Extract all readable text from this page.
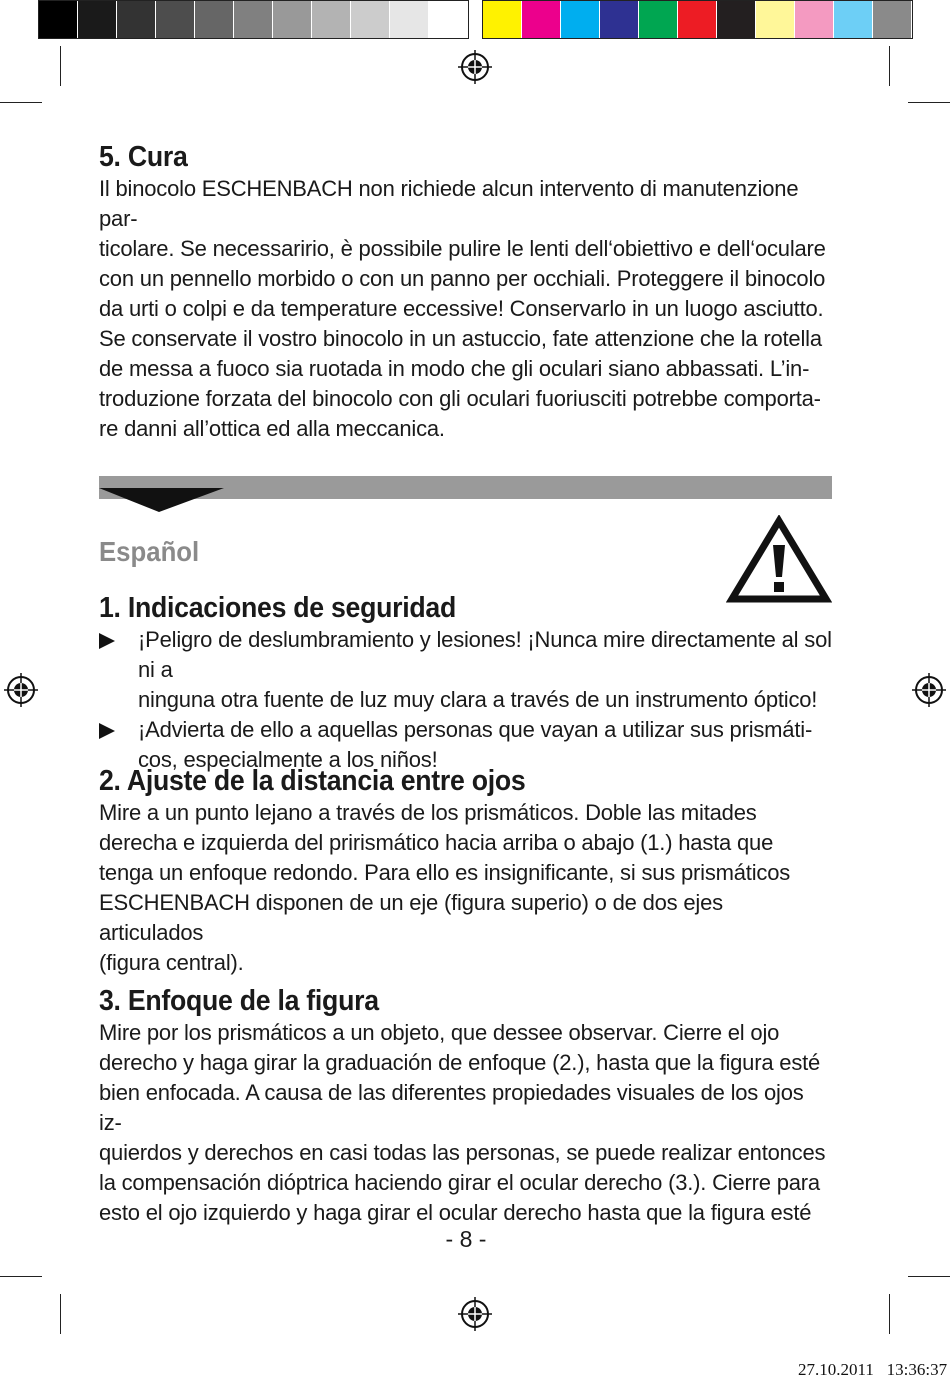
5. Cura

Il binocolo ESCHENBACH non richiede alcun intervento di manutenzione par-
ticolare. Se necessaririo, è possibile pulire le lenti dell‘obiettivo e dell‘oculare
con un pennello morbido o con un panno per occhiali. Proteggere il binocolo
da urti o colpi e da temperature eccessive! Conservarlo in un luogo asciutto.
Se conservate il vostro binocolo in un astuccio, fate attenzione che la rotella
de messa a fuoco sia ruotada in modo che gli oculari siano abbassati. L’in-
troduzione forzata del binocolo con gli oculari fuoriusciti potrebbe comporta-
re danni all’ottica ed alla meccanica.

Español
1. Indicaciones de seguridad
¡Peligro de deslumbramiento y lesiones! ¡Nunca mire directamente al sol ni a
ninguna otra fuente de luz muy clara a través de un instrumento óptico!
¡Advierta de ello a aquellas personas que vayan a utilizar sus prismáti-
cos, especialmente a los niños!
2. Ajuste de la distancia entre ojos

Mire a un punto lejano a través de los prismáticos. Doble las mitades
derecha e izquierda del prirismático hacia arriba o abajo (1.) hasta que
tenga un enfoque redondo. Para ello es insignificante, si sus prismáticos
ESCHENBACH disponen de un eje (figura superio) o de dos ejes articulados
(figura central).

3. Enfoque de la figura

Mire por los prismáticos a un objeto, que dessee observar. Cierre el ojo
derecho y haga girar la graduación de enfoque (2.), hasta que la figura esté
bien enfocada. A causa de las diferentes propiedades visuales de los ojos iz-
quierdos y derechos en casi todas las personas, se puede realizar entonces
la compensación dióptrica haciendo girar el ocular derecho (3.). Cierre para
esto el ojo izquierdo y haga girar el ocular derecho hasta que la figura esté

- 8 -
27.10.2011   13:36:37
